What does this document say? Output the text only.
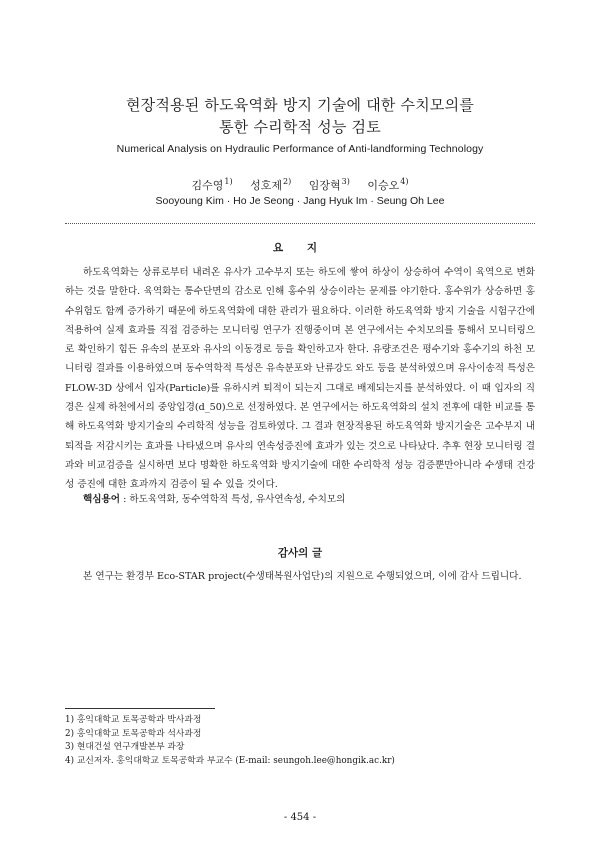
현장적용된 하도육역화 방지 기술에 대한 수치모의를
통한 수리학적 성능 검토
Numerical Analysis on Hydraulic Performance of Anti-landforming Technology
김수영$^{1)}$ 성호제$^{2)}$ 임장혁$^{3)}$ 이승오$^{4)}$
Sooyoung Kim · Ho Je Seong · Jang Hyuk Im · Seung Oh Lee
요 지

하도육역화는 상류로부터 내려온 유사가 고수부지 또는 하도에 쌓여 하상이 상승하여 수역이 육역으로 변화하는 것을 말한다. 육역화는 통수단면의 감소로 인해 홍수위 상승이라는 문제를 야기한다. 홍수위가 상승하면 홍수위험도 함께 증가하기 때문에 하도육역화에 대한 관리가 필요하다. 이러한 하도육역화 방지 기술을 시험구간에 적용하여 실제 효과를 직접 검증하는 모니터링 연구가 진행중이며 본 연구에서는 수치모의를 통해서 모니터링으로 확인하기 힘든 유속의 분포와 유사의 이동경로 등을 확인하고자 한다. 유량조건은 평수기와 홍수기의 하천 모니터링 결과를 이용하였으며 동수역학적 특성은 유속분포와 난류강도 와도 등을 분석하였으며 유사이송적 특성은 FLOW-3D 상에서 입자(Particle)를 유하시켜 퇴적이 되는지 그대로 배제되는지를 분석하였다. 이 때 입자의 직경은 실제 하천에서의 중앙입경(d_50)으로 선정하였다. 본 연구에서는 하도육역화의 설치 전후에 대한 비교를 통해 하도육역화 방지기술의 수리학적 성능을 검토하였다. 그 결과 현장적용된 하도육역화 방지기술은 고수부지 내 퇴적을 저감시키는 효과를 나타냈으며 유사의 연속성증진에 효과가 있는 것으로 나타났다. 추후 현장 모니터링 결과와 비교검증을 실시하면 보다 명확한 하도육역화 방지기술에 대한 수리학적 성능 검증뿐만아니라 수생태 건강성 증진에 대한 효과까지 검증이 될 수 있을 것이다.

핵심용어 : 하도육역화, 동수역학적 특성, 유사연속성, 수치모의
감사의 글
본 연구는 환경부 Eco-STAR project(수생태복원사업단)의 지원으로 수행되었으며, 이에 감사 드립니다.
1) 홍익대학교 토목공학과 박사과정
2) 홍익대학교 토목공학과 석사과정
3) 현대건설 연구개발본부 과장
4) 교신저자. 홍익대학교 토목공학과 부교수 (E-mail: seungoh.lee@hongik.ac.kr)
- 454 -
